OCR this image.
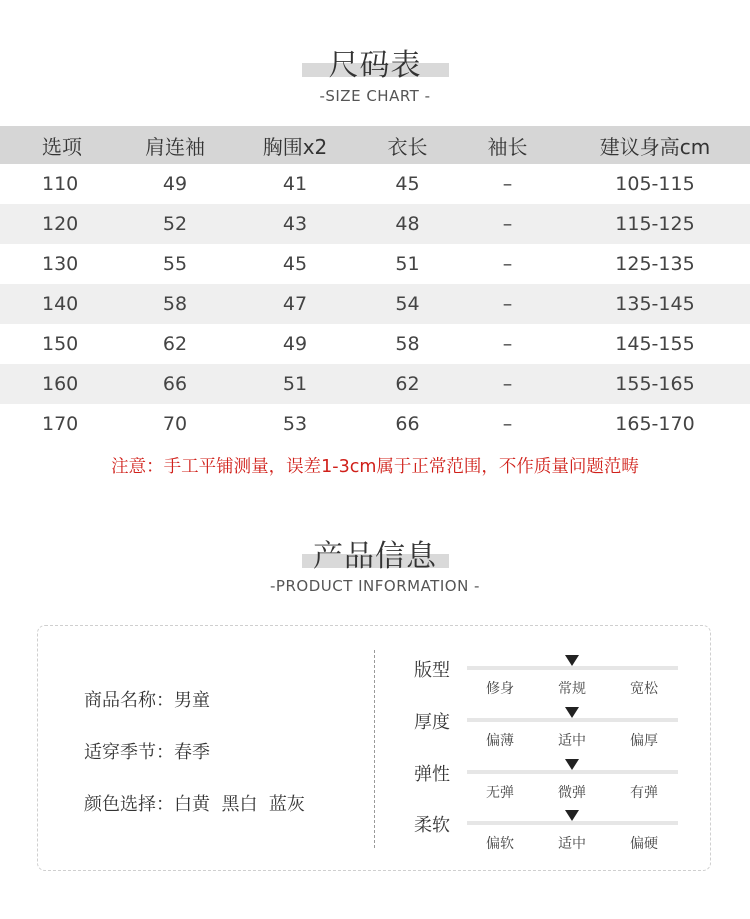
尺码表
-SIZE CHART -
选项	肩连袖	胸围x2	衣长	袖长	建议身高cm
110	49	41	45	–	105-115
120	52	43	48	–	115-125
130	55	45	51	–	125-135
140	58	47	54	–	135-145
150	62	49	58	–	145-155
160	66	51	62	–	155-165
170	70	53	66	–	165-170
注意：手工平铺测量，误差1-3cm属于正常范围，不作质量问题范畴
产品信息
-PRODUCT INFORMATION -
商品名称：男童
适穿季节：春季
颜色选择：白黄  黑白  蓝灰
版型
修身	常规	宽松
厚度
偏薄	适中	偏厚
弹性
无弹	微弹	有弹
柔软
偏软	适中	偏硬
